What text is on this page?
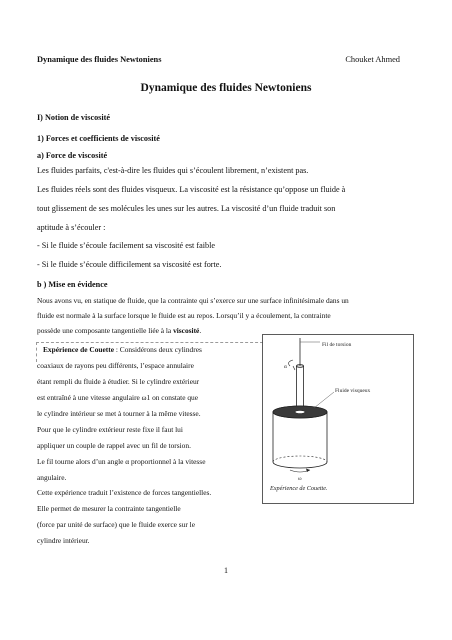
Dynamique des fluides Newtoniens	Chouket Ahmed
Dynamique des fluides Newtoniens
I) Notion de viscosité
1) Forces et coefficients de viscosité
a) Force de viscosité
Les fluides parfaits, c'est-à-dire les fluides qui s’écoulent librement, n’existent pas.
Les fluides réels sont des fluides visqueux. La viscosité est la résistance qu’oppose un fluide à
tout glissement de ses molécules les unes sur les autres. La viscosité d’un fluide traduit son
aptitude à s’écouler :
- Si le fluide s’écoule facilement sa viscosité est faible
- Si le fluide s’écoule difficilement sa viscosité est forte.
b ) Mise en évidence
Nous avons vu, en statique de fluide, que la contrainte qui s’exerce sur une surface infinitésimale dans un
fluide est normale à la surface lorsque le fluide est au repos. Lorsqu’il y a écoulement, la contrainte
possède une composante tangentielle liée à la viscosité.
Expérience de Couette : Considérons deux cylindres
coaxiaux de rayons peu différents, l’espace annulaire
étant rempli du fluide à étudier. Si le cylindre extérieur
est entraîné à une vitesse angulaire ω1 on constate que
le cylindre intérieur se met à tourner à la même vitesse.
Pour que le cylindre extérieur reste fixe il faut lui
appliquer un couple de rappel avec un fil de torsion.
Le fil tourne alors d’un angle α proportionnel à la vitesse
angulaire.
Cette expérience traduit l’existence de forces tangentielles.
Elle permet de mesurer la contrainte tangentielle
(force par unité de surface) que le fluide exerce sur le
cylindre intérieur.
Fil de torsion
α
Fluide visqueux
ω
Expérience de Couette.
1
